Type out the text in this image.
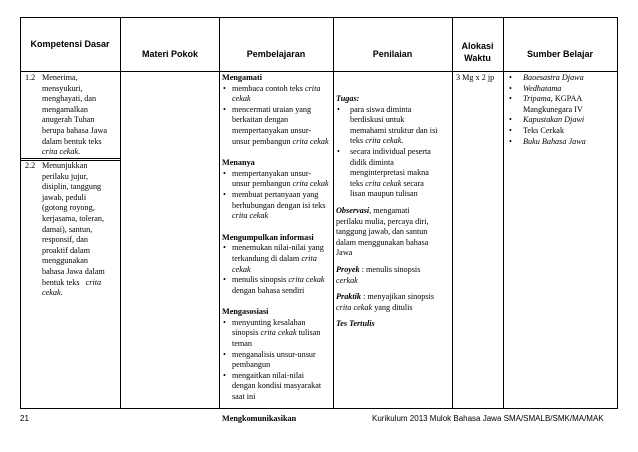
Kompetensi Dasar
Materi Pokok	Pembelajaran	Penilaian
Alokasi
Waktu	Sumber Belajar
1.2 Menerima,
mensyukuri,
menghayati, dan
mengamalkan
anugerah Tuhan
berupa bahasa Jawa
dalam bentuk teks
crita cekak.
2.2 Menunjukkan
perilaku jujur,
disiplin, tanggung
jawab, peduli
(gotong royong,
kerjasama, toleran,
damai), santun,
responsif, dan
proaktif dalam
menggunakan
bahasa Jawa dalam
bentuk teks crita
cekak.
Mengamati
• membaca contoh teks crita
cekak
• mencermati uraian yang
berkaitan dengan
mempertanyakan unsur-
unsur pembangun crita cekak
Menanya
• mempertanyakan unsur-
unsur pembangun crita cekak
• membuat pertanyaan yang
berhubungan dengan isi teks
crita cekak
Mengumpulkan informasi
• menemukan nilai-nilai yang
terkandung di dalam crita
cekak
• menulis sinopsis crita cekak
dengan bahasa sendiri
Mengasosiasi
• menyunting kesalahan
sinopsis crita cekak tulisan
teman
• menganalisis unsur-unsur
pembangun
• mengaitkan nilai-nilai
dengan kondisi masyarakat
saat ini
Mengkomunikasikan
Tugas:
• para siswa diminta
berdiskusi untuk
memahami struktur dan isi
teks crita cekak.
• secara individual peserta
didik diminta
menginterpretasi makna
teks crita cekak secara
lisan maupun tulisan
Observasi, mengamati
perilaku mulia, percaya diri,
tanggung jawab, dan santun
dalam menggunakan bahasa
Jawa
Proyek : menulis sinopsis
cerkak
Praktik : menyajikan sinopsis
crita cekak yang ditulis
Tes Tertulis
3 Mg x 2 jp
•	Baoesastra Djawa
• Wedhatama
• Tripama, KGPAA
Mangkunegara IV
• Kapustakan Djawi
• Teks Cerkak
• Buku Bahasa Jawa
21	Kurikulum 2013 Mulok Bahasa Jawa SMA/SMALB/SMK/MA/MAK
